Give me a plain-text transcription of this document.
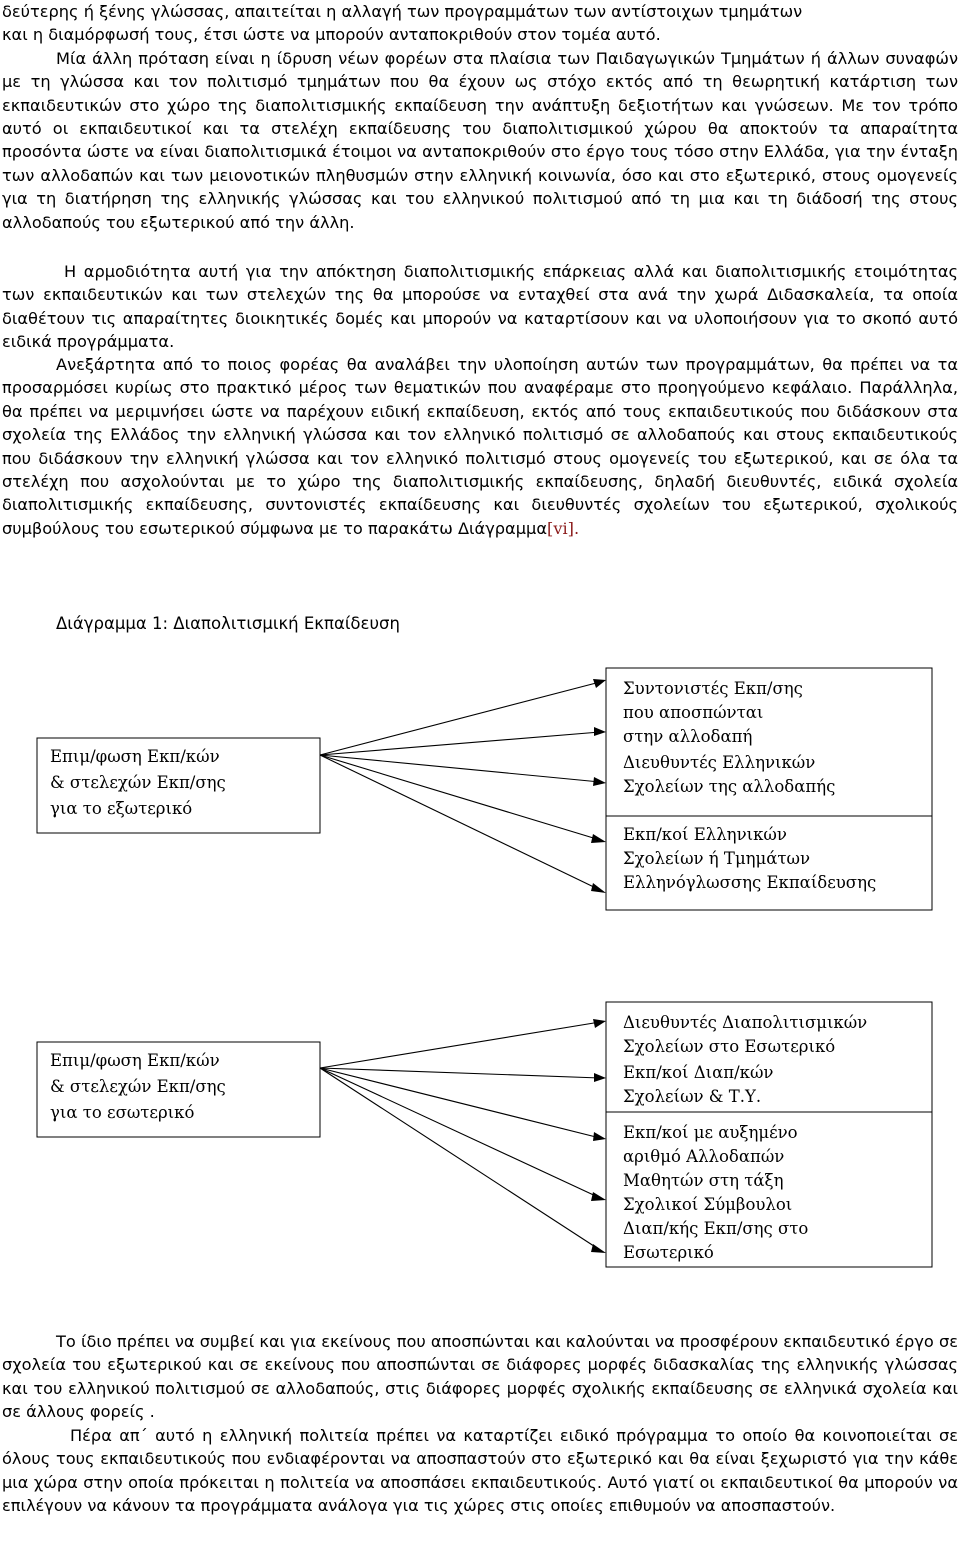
δεύτερης ή ξένης γλώσσας, απαιτείται η αλλαγή των προγραμμάτων των αντίστοιχων τμημάτων
και η διαμόρφωσή τους, έτσι ώστε να μπορούν ανταποκριθούν στον τομέα αυτό.
Μία άλλη πρόταση είναι η ίδρυση νέων φορέων στα πλαίσια των Παιδαγωγικών Τμημάτων ή άλλων συναφών με τη γλώσσα και τον πολιτισμό τμημάτων που θα έχουν ως στόχο εκτός από τη θεωρητική κατάρτιση των εκπαιδευτικών στο χώρο της διαπολιτισμικής εκπαίδευση την ανάπτυξη δεξιοτήτων και γνώσεων. Με τον τρόπο αυτό οι εκπαιδευτικοί και τα στελέχη εκπαίδευσης του διαπολιτισμικού χώρου θα αποκτούν τα απαραίτητα προσόντα ώστε να είναι διαπολιτισμικά έτοιμοι να ανταποκριθούν στο έργο τους τόσο στην Ελλάδα, για την ένταξη των αλλοδαπών και των μειονοτικών πληθυσμών στην ελληνική κοινωνία, όσο και στο εξωτερικό, στους ομογενείς για τη διατήρηση της ελληνικής γλώσσας και του ελληνικού πολιτισμού από τη μια και τη διάδοσή της στους αλλοδαπούς του εξωτερικού από την άλλη.

Η αρμοδιότητα αυτή για την απόκτηση διαπολιτισμικής επάρκειας αλλά και διαπολιτισμικής ετοιμότητας των εκπαιδευτικών και των στελεχών της θα μπορούσε να ενταχθεί στα ανά την χωρά Διδασκαλεία, τα οποία διαθέτουν τις απαραίτητες διοικητικές δομές και μπορούν να καταρτίσουν και να υλοποιήσουν για το σκοπό αυτό ειδικά προγράμματα.

Ανεξάρτητα από το ποιος φορέας θα αναλάβει την υλοποίηση αυτών των προγραμμάτων, θα πρέπει να τα προσαρμόσει κυρίως στο πρακτικό μέρος των θεματικών που αναφέραμε στο προηγούμενο κεφάλαιο. Παράλληλα, θα πρέπει να μεριμνήσει ώστε να παρέχουν ειδική εκπαίδευση, εκτός από τους εκπαιδευτικούς που διδάσκουν στα σχολεία της Ελλάδος την ελληνική γλώσσα και τον ελληνικό πολιτισμό σε αλλοδαπούς και στους εκπαιδευτικούς που διδάσκουν την ελληνική γλώσσα και τον ελληνικό πολιτισμό στους ομογενείς του εξωτερικού, και σε όλα τα στελέχη που ασχολούνται με το χώρο της διαπολιτισμικής εκπαίδευσης, δηλαδή διευθυντές, ειδικά σχολεία διαπολιτισμικής εκπαίδευσης, συντονιστές εκπαίδευσης και διευθυντές σχολείων του εξωτερικού, σχολικούς συμβούλους του εσωτερικού σύμφωνα με το παρακάτω Διάγραμμα[vi].

Διάγραμμα 1: Διαπολιτισμική Εκπαίδευση
Επιμ/φωση Εκπ/κών
& στελεχών Εκπ/σης
για το εξωτερικό
Επιμ/φωση Εκπ/κών
& στελεχών Εκπ/σης
για το εσωτερικό
Συντονιστές Εκπ/σης
που αποσπώνται
στην αλλοδαπή
Διευθυντές Ελληνικών
Σχολείων της αλλοδαπής
Εκπ/κοί Ελληνικών
Σχολείων ή Τμημάτων
Ελληνόγλωσσης Εκπαίδευσης
Διευθυντές Διαπολιτισμικών
Σχολείων στο Εσωτερικό
Εκπ/κοί Διαπ/κών
Σχολείων & Τ.Υ.
Εκπ/κοί με αυξημένο
αριθμό Αλλοδαπών
Μαθητών στη τάξη
Σχολικοί Σύμβουλοι
Διαπ/κής Εκπ/σης στο
Εσωτερικό

Το ίδιο πρέπει να συμβεί και για εκείνους που αποσπώνται και καλούνται να προσφέρουν εκπαιδευτικό έργο σε σχολεία του εξωτερικού και σε εκείνους που αποσπώνται σε διάφορες μορφές διδασκαλίας της ελληνικής γλώσσας και του ελληνικού πολιτισμού σε αλλοδαπούς, στις διάφορες μορφές σχολικής εκπαίδευσης σε ελληνικά σχολεία και σε άλλους φορείς .

Πέρα απ΄ αυτό η ελληνική πολιτεία πρέπει να καταρτίζει ειδικό πρόγραμμα το οποίο θα κοινοποιείται σε όλους τους εκπαιδευτικούς που ενδιαφέρονται να αποσπαστούν στο εξωτερικό και θα είναι ξεχωριστό για την κάθε μια χώρα στην οποία πρόκειται η πολιτεία να αποσπάσει εκπαιδευτικούς. Αυτό γιατί οι εκπαιδευτικοί θα μπορούν να επιλέγουν να κάνουν τα προγράμματα ανάλογα για τις χώρες στις οποίες επιθυμούν να αποσπαστούν.
